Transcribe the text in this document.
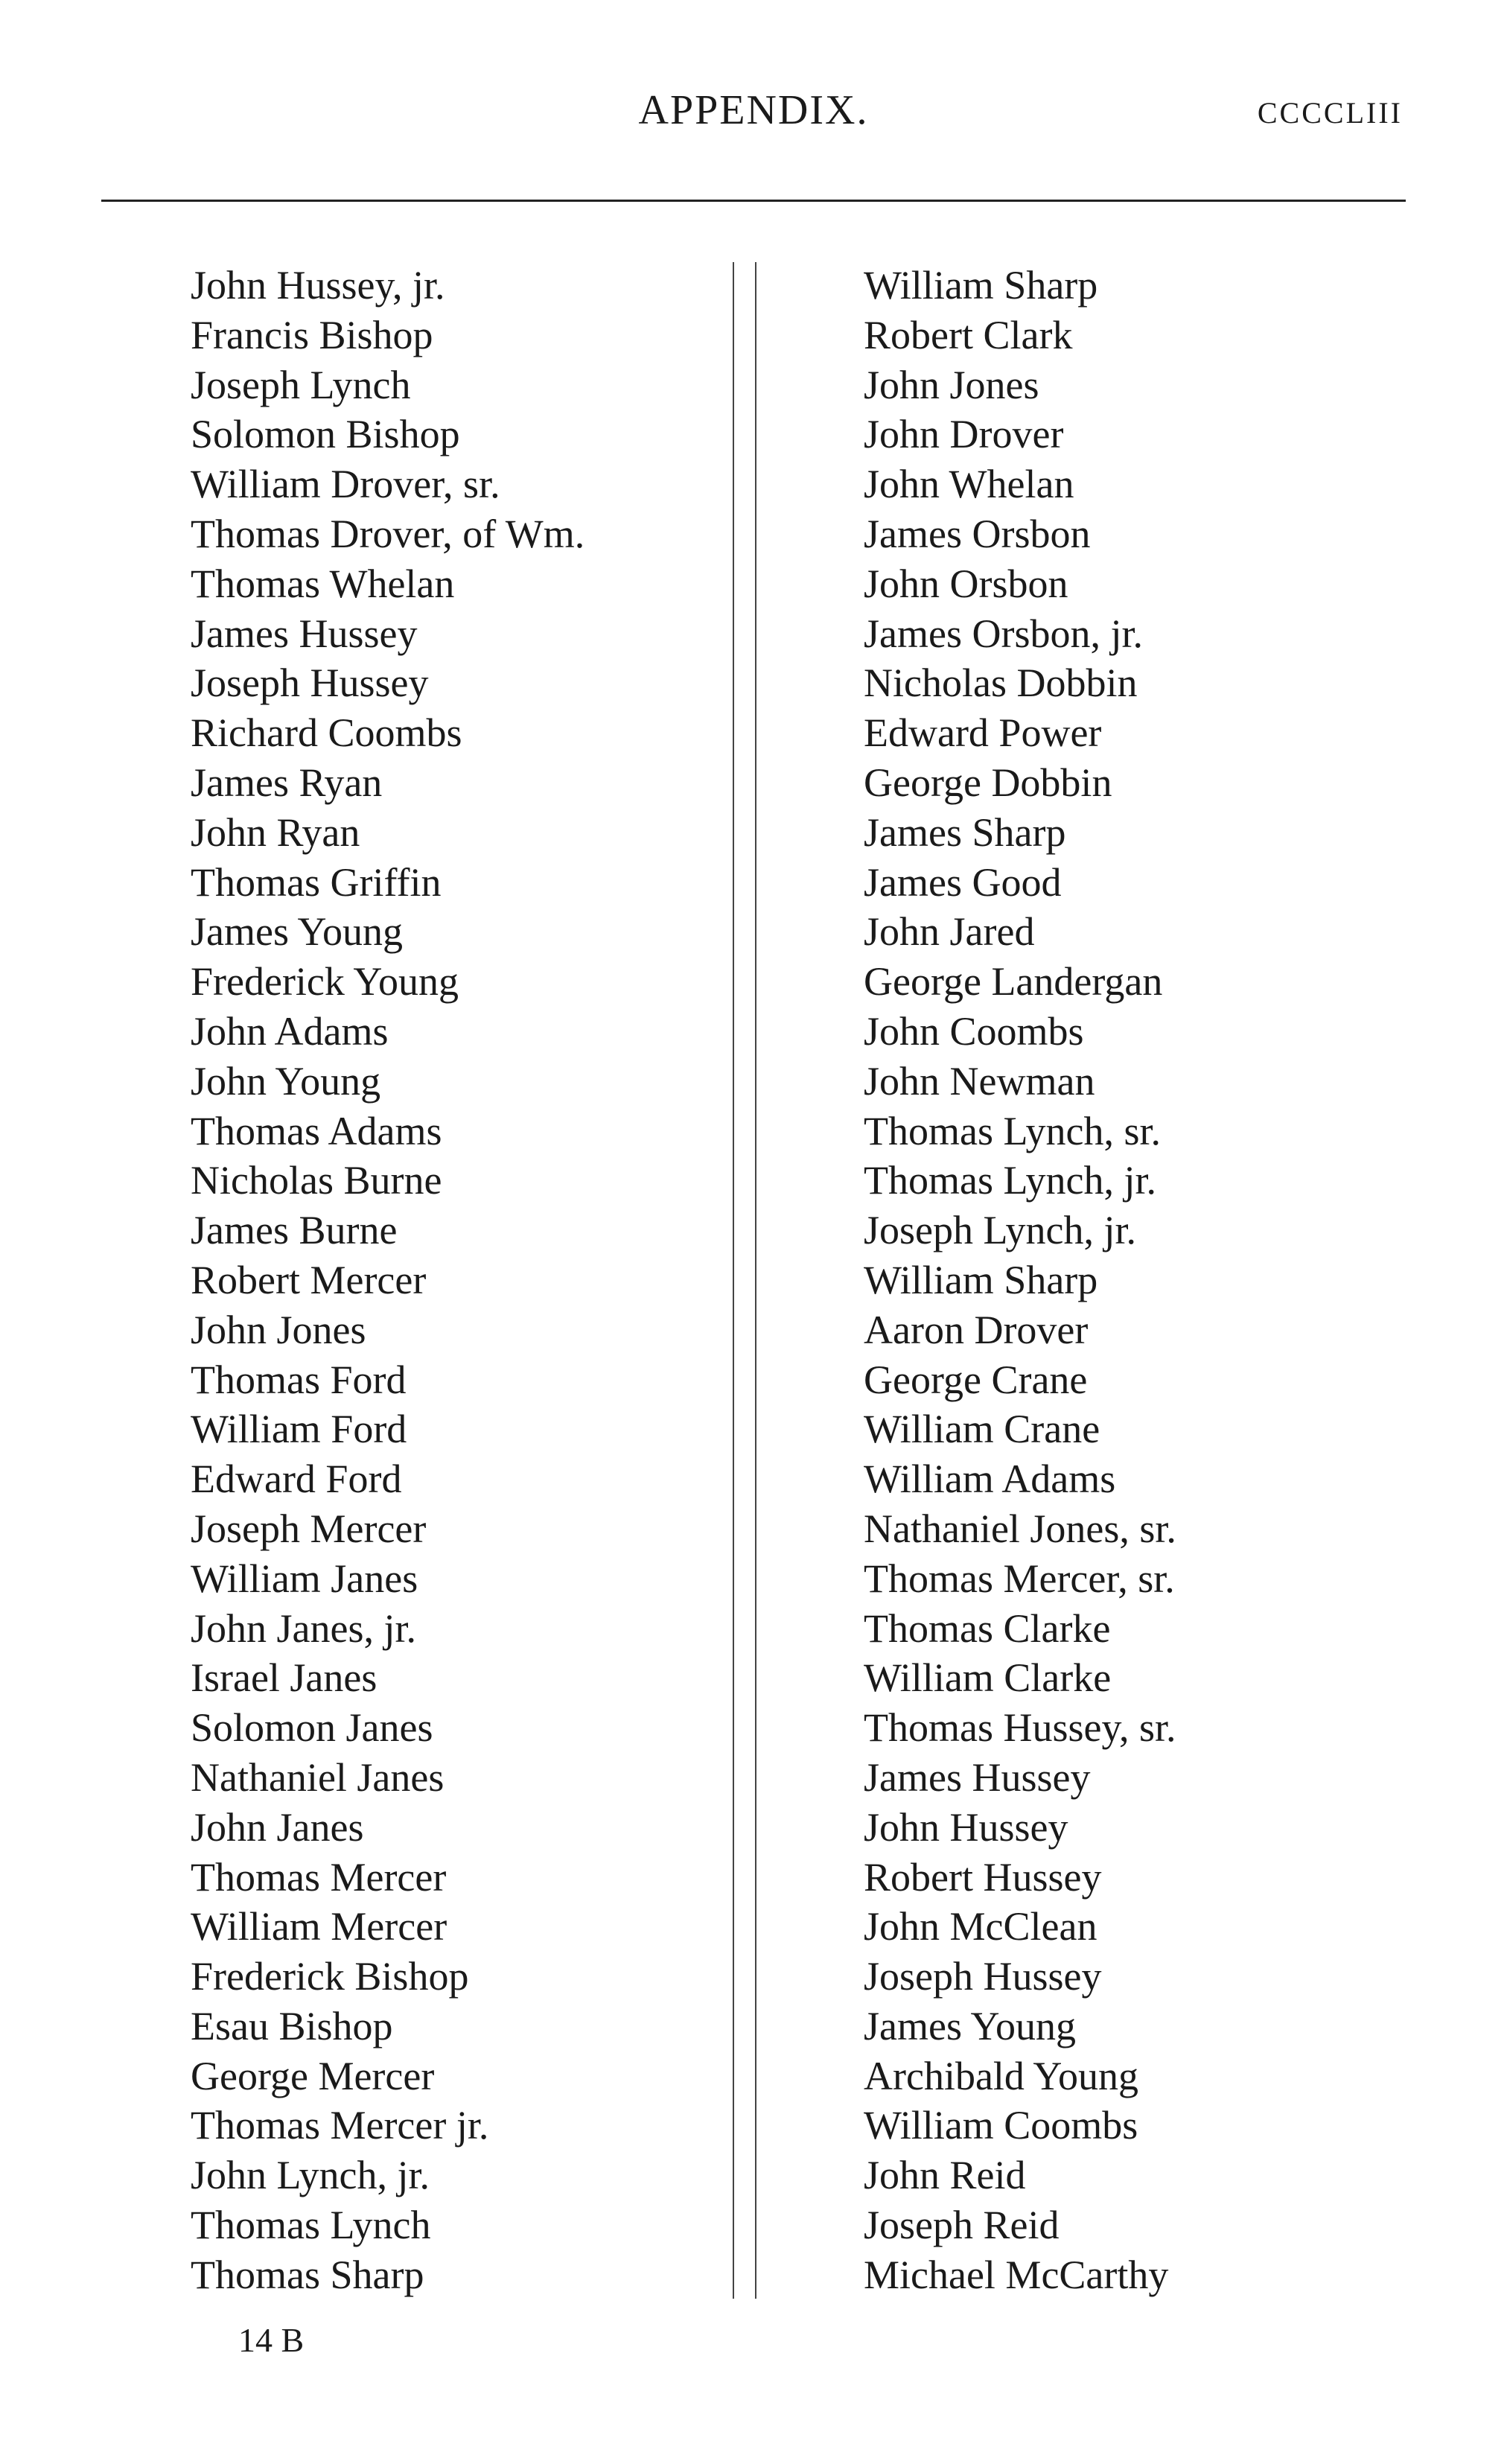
APPENDIX.	CCCCLIII
John Hussey, jr.
Francis Bishop
Joseph Lynch
Solomon Bishop
William Drover, sr.
Thomas Drover, of Wm.
Thomas Whelan
James Hussey
Joseph Hussey
Richard Coombs
James Ryan
John Ryan
Thomas Griffin
James Young
Frederick Young
John Adams
John Young
Thomas Adams
Nicholas Burne
James Burne
Robert Mercer
John Jones
Thomas Ford
William Ford
Edward Ford
Joseph Mercer
William Janes
John Janes, jr.
Israel Janes
Solomon Janes
Nathaniel Janes
John Janes
Thomas Mercer
William Mercer
Frederick Bishop
Esau Bishop
George Mercer
Thomas Mercer jr.
John Lynch, jr.
Thomas Lynch
Thomas Sharp
William Sharp
Robert Clark
John Jones
John Drover
John Whelan
James Orsbon
John Orsbon
James Orsbon, jr.
Nicholas Dobbin
Edward Power
George Dobbin
James Sharp
James Good
John Jared
George Landergan
John Coombs
John Newman
Thomas Lynch, sr.
Thomas Lynch, jr.
Joseph Lynch, jr.
William Sharp
Aaron Drover
George Crane
William Crane
William Adams
Nathaniel Jones, sr.
Thomas Mercer, sr.
Thomas Clarke
William Clarke
Thomas Hussey, sr.
James Hussey
John Hussey
Robert Hussey
John McClean
Joseph Hussey
James Young
Archibald Young
William Coombs
John Reid
Joseph Reid
Michael McCarthy
14 B
